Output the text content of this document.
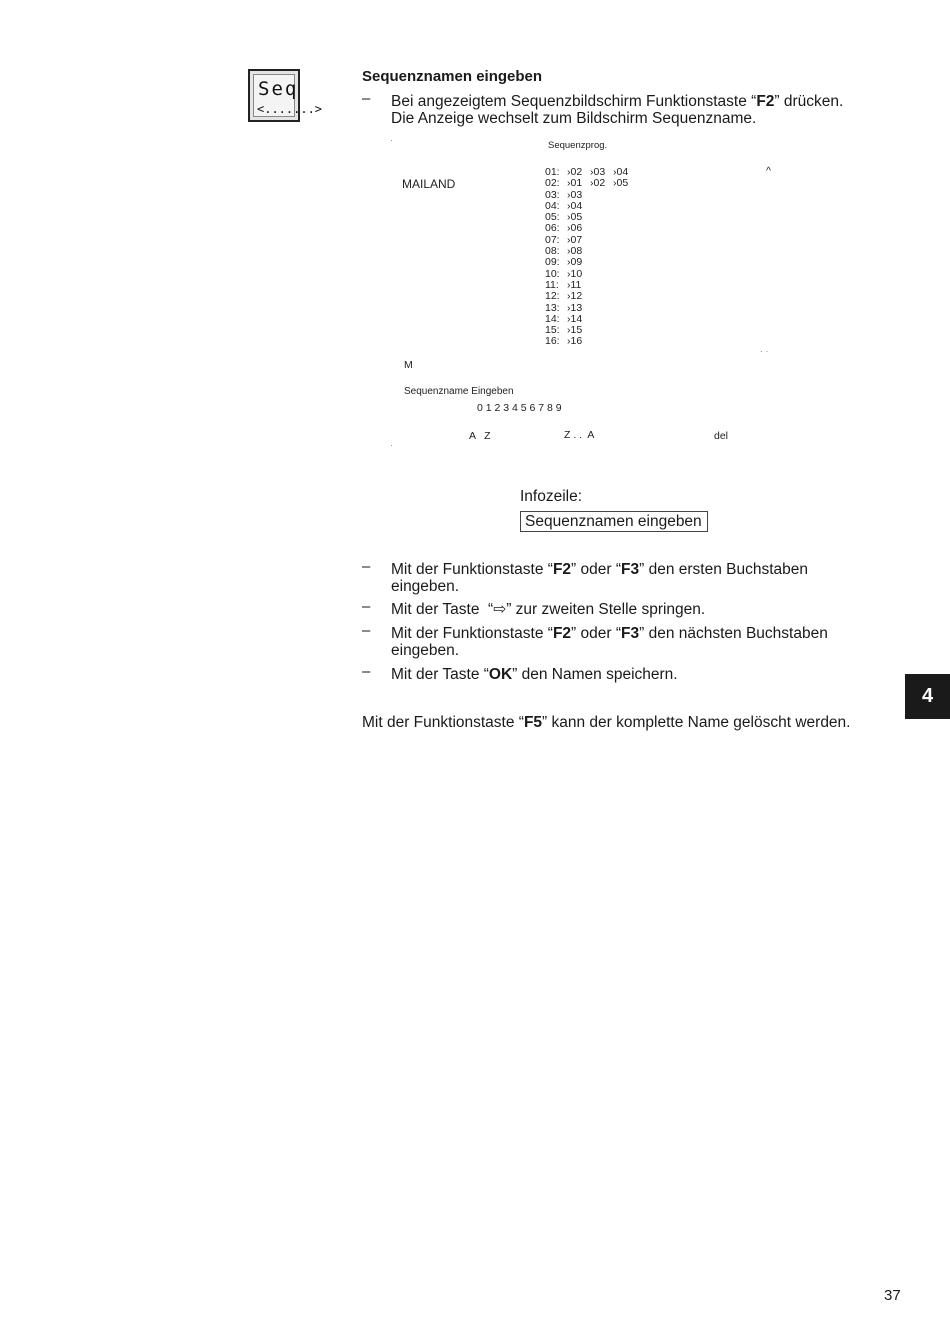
Seq
<.......>
Sequenznamen eingeben
– Bei angezeigtem Sequenzbildschirm Funktionstaste “F2” drücken.
Die Anzeige wechselt zum Bildschirm Sequenzname.
·	Sequenzprog.
MAILAND
^
01: ›02 ›03 ›04
02: ›01 ›02 ›05
03: ›03
04: ›04
05: ›05
06: ›06
07: ›07
08: ›08
09: ›09
10: ›10
11: ›11
12: ›12
13: ›13
14: ›14
15: ›15
16: ›16
· ·
M
Sequenzname Eingeben
0 1 2 3 4 5 6 7 8 9
A   Z	Z . .  A	del
·
Infozeile:
Sequenznamen eingeben
– Mit der Funktionstaste “F2” oder “F3” den ersten Buchstaben
eingeben.
– Mit der Taste  “⇨” zur zweiten Stelle springen.
– Mit der Funktionstaste “F2” oder “F3” den nächsten Buchstaben
eingeben.
– Mit der Taste “OK” den Namen speichern.
Mit der Funktionstaste “F5” kann der komplette Name gelöscht werden.
4
37
